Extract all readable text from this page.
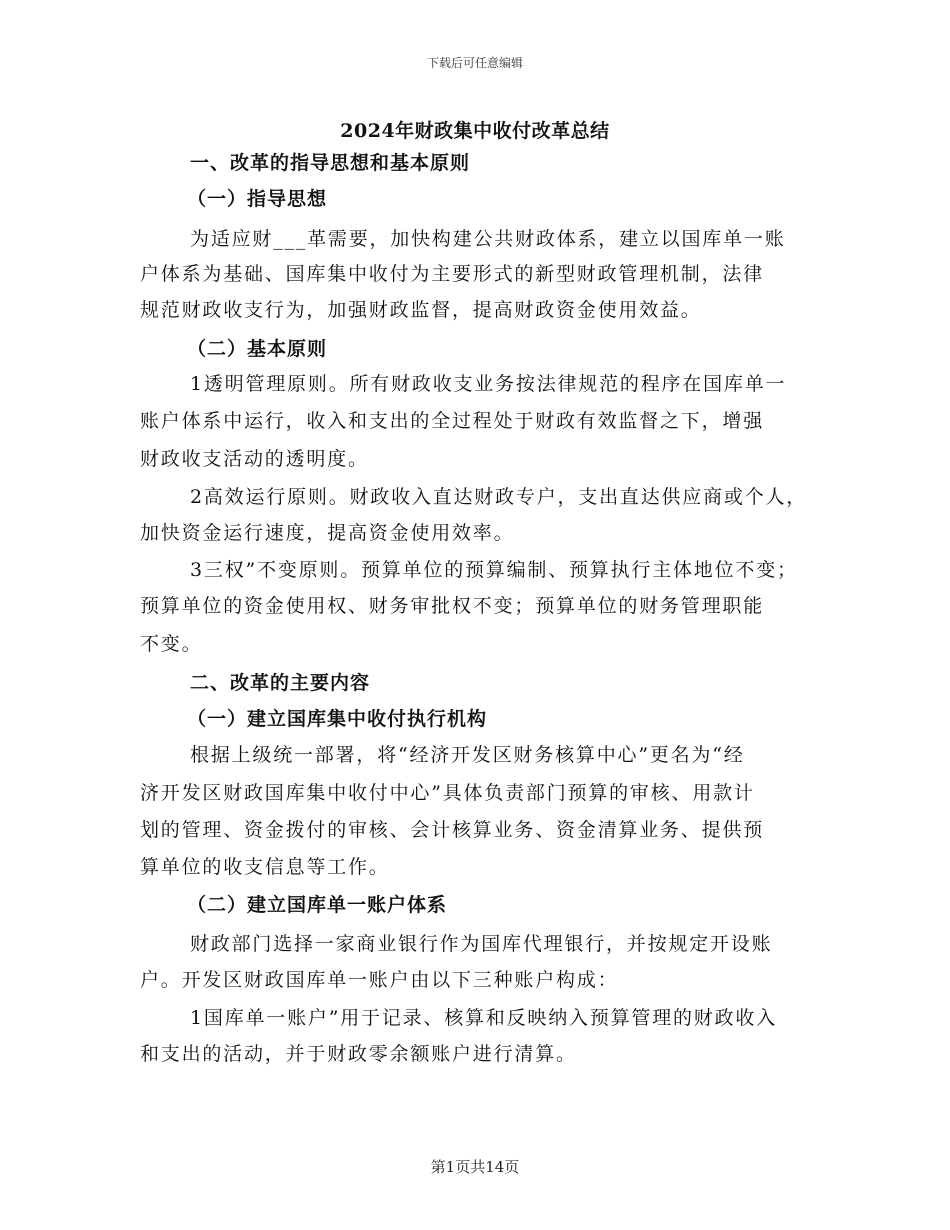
下载后可任意编辑
2024年财政集中收付改革总结
一、改革的指导思想和基本原则
（一）指导思想
为适应财___革需要，加快构建公共财政体系，建立以国库单一账
户体系为基础、国库集中收付为主要形式的新型财政管理机制，法律
规范财政收支行为，加强财政监督，提高财政资金使用效益。
（二）基本原则
1透明管理原则。所有财政收支业务按法律规范的程序在国库单一
账户体系中运行，收入和支出的全过程处于财政有效监督之下，增强
财政收支活动的透明度。
2高效运行原则。财政收入直达财政专户，支出直达供应商或个人，
加快资金运行速度，提高资金使用效率。
3三权”不变原则。预算单位的预算编制、预算执行主体地位不变；
预算单位的资金使用权、财务审批权不变；预算单位的财务管理职能
不变。
二、改革的主要内容
（一）建立国库集中收付执行机构
根据上级统一部署，将“经济开发区财务核算中心”更名为“经
济开发区财政国库集中收付中心”具体负责部门预算的审核、用款计
划的管理、资金拨付的审核、会计核算业务、资金清算业务、提供预
算单位的收支信息等工作。
（二）建立国库单一账户体系
财政部门选择一家商业银行作为国库代理银行，并按规定开设账
户。开发区财政国库单一账户由以下三种账户构成：
1国库单一账户”用于记录、核算和反映纳入预算管理的财政收入
和支出的活动，并于财政零余额账户进行清算。
第1页共14页
